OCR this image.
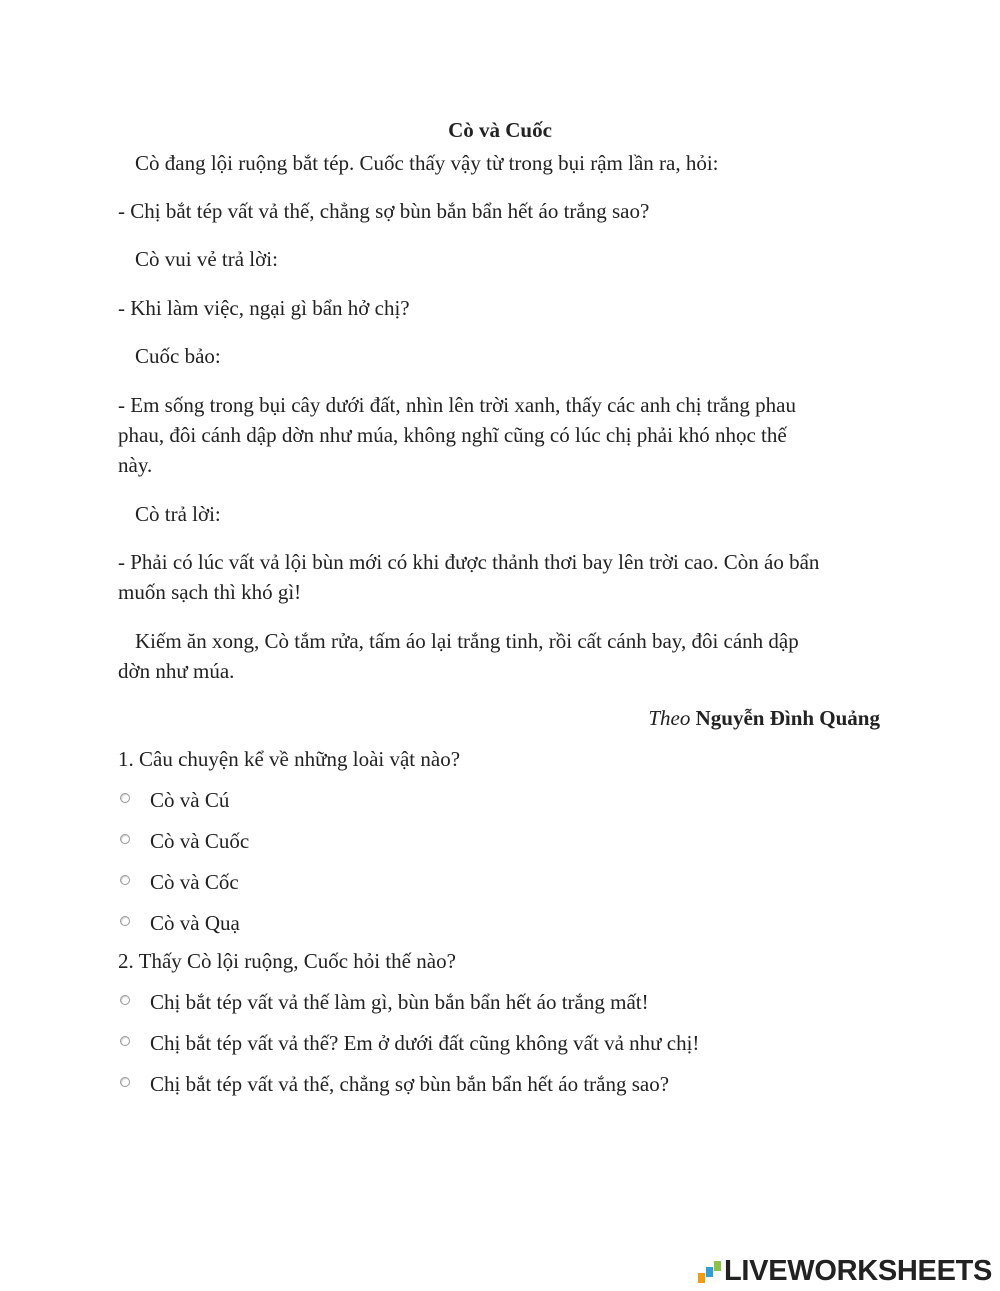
Cò và Cuốc
Cò đang lội ruộng bắt tép. Cuốc thấy vậy từ trong bụi rậm lần ra, hỏi:
- Chị bắt tép vất vả thế, chẳng sợ bùn bắn bẩn hết áo trắng sao?
Cò vui vẻ trả lời:
- Khi làm việc, ngại gì bẩn hở chị?
Cuốc bảo:
- Em sống trong bụi cây dưới đất, nhìn lên trời xanh, thấy các anh chị trắng phau
phau, đôi cánh dập dờn như múa, không nghĩ cũng có lúc chị phải khó nhọc thế
này.
Cò trả lời:
- Phải có lúc vất vả lội bùn mới có khi được thảnh thơi bay lên trời cao. Còn áo bẩn
muốn sạch thì khó gì!
Kiếm ăn xong, Cò tắm rửa, tấm áo lại trắng tinh, rồi cất cánh bay, đôi cánh dập
dờn như múa.
Theo Nguyễn Đình Quảng
1. Câu chuyện kể về những loài vật nào?
Cò và Cú
Cò và Cuốc
Cò và Cốc
Cò và Quạ
2. Thấy Cò lội ruộng, Cuốc hỏi thế nào?
Chị bắt tép vất vả thế làm gì, bùn bắn bẩn hết áo trắng mất!
Chị bắt tép vất vả thế? Em ở dưới đất cũng không vất vả như chị!
Chị bắt tép vất vả thế, chẳng sợ bùn bắn bẩn hết áo trắng sao?
LIVEWORKSHEETS
